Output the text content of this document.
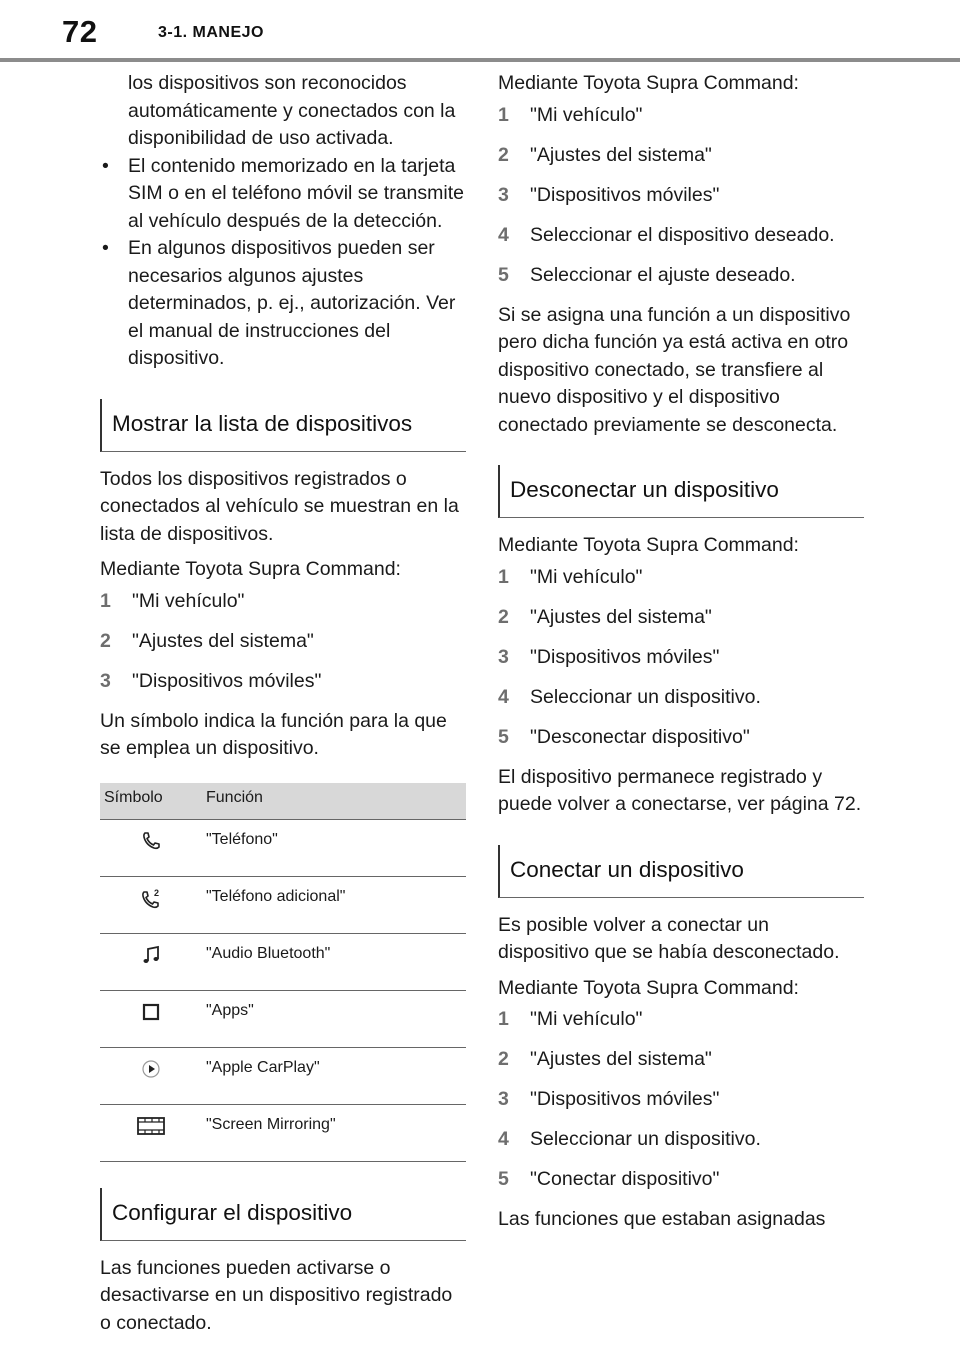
72	3-1. MANEJO

los dispositivos son reconocidos automáticamente y conectados con la disponibilidad de uso activada.

• El contenido memorizado en la tarjeta SIM o en el teléfono móvil se transmite al vehículo después de la detección.
• En algunos dispositivos pueden ser necesarios algunos ajustes determinados, p. ej., autorización. Ver el manual de instrucciones del dispositivo.
Mostrar la lista de dispositivos

Todos los dispositivos registrados o conectados al vehículo se muestran en la lista de dispositivos.

Mediante Toyota Supra Command:

1	"Mi vehículo"
2	"Ajustes del sistema"
3	"Dispositivos móviles"

Un símbolo indica la función para la que se emplea un dispositivo.

Símbolo	Función
	"Teléfono"

2	"Teléfono adicional"
	"Audio Bluetooth"
	"Apps"
	"Apple CarPlay"
	"Screen Mirroring"
Configurar el dispositivo

Las funciones pueden activarse o desactivarse en un dispositivo registrado o conectado.

Mediante Toyota Supra Command:

1	"Mi vehículo"
2	"Ajustes del sistema"
3	"Dispositivos móviles"
4	Seleccionar el dispositivo deseado.
5	Seleccionar el ajuste deseado.

Si se asigna una función a un dispositivo pero dicha función ya está activa en otro dispositivo conectado, se transfiere al nuevo dispositivo y el dispositivo conectado previamente se desconecta.

Desconectar un dispositivo

Mediante Toyota Supra Command:

1	"Mi vehículo"
2	"Ajustes del sistema"
3	"Dispositivos móviles"
4	Seleccionar un dispositivo.
5	"Desconectar dispositivo"

El dispositivo permanece registrado y puede volver a conectarse, ver página 72.

Conectar un dispositivo

Es posible volver a conectar un dispositivo que se había desconectado.

Mediante Toyota Supra Command:

1	"Mi vehículo"
2	"Ajustes del sistema"
3	"Dispositivos móviles"
4	Seleccionar un dispositivo.
5	"Conectar dispositivo"

Las funciones que estaban asignadas
